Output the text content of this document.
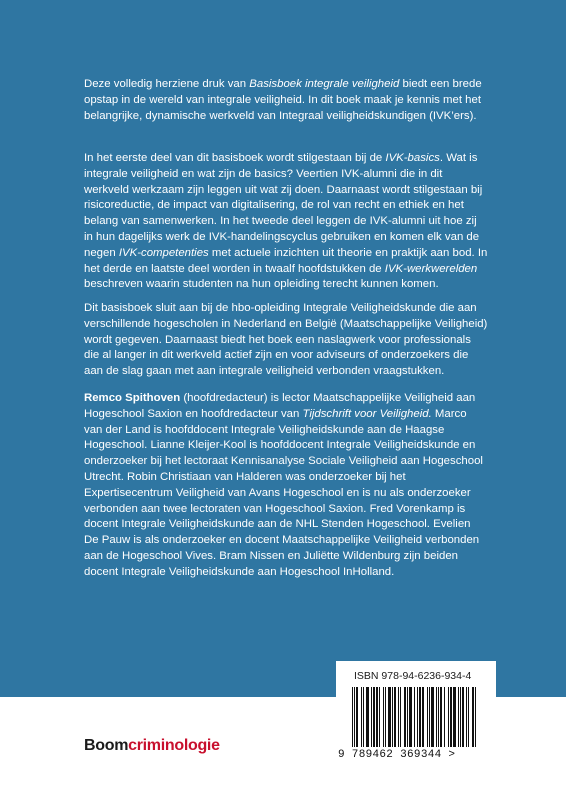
Deze volledig herziene druk van Basisboek integrale veiligheid biedt een brede opstap in de wereld van integrale veiligheid. In dit boek maak je kennis met het belangrijke, dynamische werkveld van Integraal veiligheidskundigen (IVK’ers).

In het eerste deel van dit basisboek wordt stilgestaan bij de IVK-basics. Wat is integrale veiligheid en wat zijn de basics? Veertien IVK-alumni die in dit werkveld werkzaam zijn leggen uit wat zij doen. Daarnaast wordt stilgestaan bij risicoreductie, de impact van digitalisering, de rol van recht en ethiek en het belang van samenwerken. In het tweede deel leggen de IVK-alumni uit hoe zij in hun dagelijks werk de IVK-handelingscyclus gebruiken en komen elk van de negen IVK-competenties met actuele inzichten uit theorie en praktijk aan bod. In het derde en laatste deel worden in twaalf hoofdstukken de IVK-werkwerelden beschreven waarin studenten na hun opleiding terecht kunnen komen.

Dit basisboek sluit aan bij de hbo-opleiding Integrale Veiligheidskunde die aan verschillende hogescholen in Nederland en België (Maatschappelijke Veiligheid) wordt gegeven. Daarnaast biedt het boek een naslagwerk voor professionals die al langer in dit werkveld actief zijn en voor adviseurs of onderzoekers die aan de slag gaan met aan integrale veiligheid verbonden vraagstukken.

Remco Spithoven (hoofdredacteur) is lector Maatschappelijke Veiligheid aan Hogeschool Saxion en hoofdredacteur van Tijdschrift voor Veiligheid. Marco van der Land is hoofddocent Integrale Veiligheidskunde aan de Haagse Hogeschool. Lianne Kleijer-Kool is hoofddocent Integrale Veiligheidskunde en onderzoeker bij het lectoraat Kennisanalyse Sociale Veiligheid aan Hogeschool Utrecht. Robin Christiaan van Halderen was onderzoeker bij het Expertisecentrum Veiligheid van Avans Hogeschool en is nu als onderzoeker verbonden aan twee lectoraten van Hogeschool Saxion. Fred Vorenkamp is docent Integrale Veiligheidskunde aan de NHL Stenden Hogeschool. Evelien De Pauw is als onderzoeker en docent Maatschappelijke Veiligheid verbonden aan de Hogeschool Vives. Bram Nissen en Juliëtte Wildenburg zijn beiden docent Integrale Veiligheidskunde aan Hogeschool InHolland.

ISBN 978-94-6236-934-4
9 789462 369344 >
Boomcriminologie
